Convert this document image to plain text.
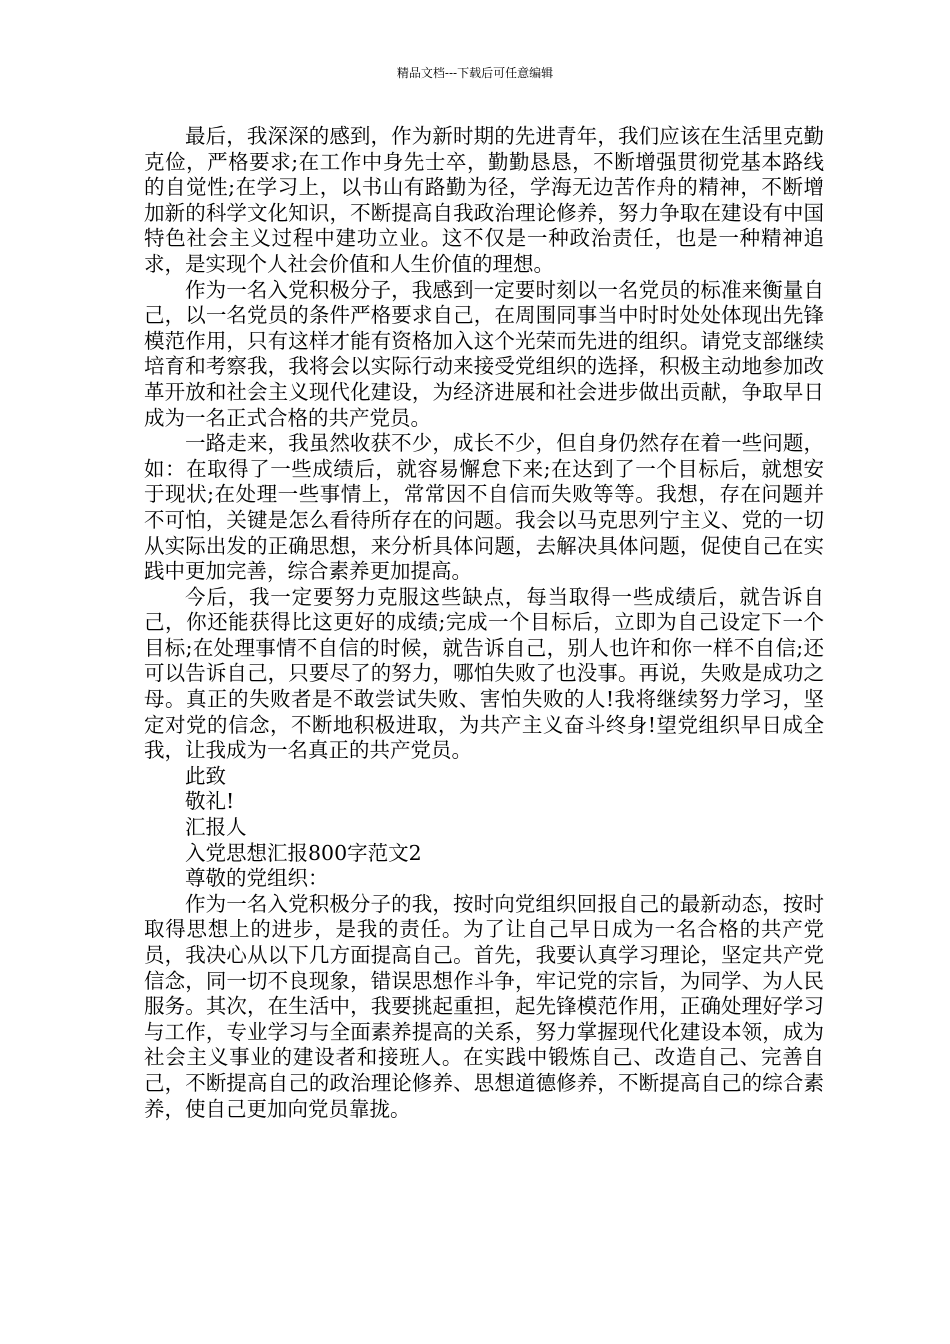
精品文档---下载后可任意编辑

最后，我深深的感到，作为新时期的先进青年，我们应该在生活里克勤克俭，严格要求;在工作中身先士卒，勤勤恳恳，不断增强贯彻党基本路线的自觉性;在学习上，以书山有路勤为径，学海无边苦作舟的精神，不断增加新的科学文化知识，不断提高自我政治理论修养，努力争取在建设有中国特色社会主义过程中建功立业。这不仅是一种政治责任，也是一种精神追求，是实现个人社会价值和人生价值的理想。

作为一名入党积极分子，我感到一定要时刻以一名党员的标准来衡量自己，以一名党员的条件严格要求自己，在周围同事当中时时处处体现出先锋模范作用，只有这样才能有资格加入这个光荣而先进的组织。请党支部继续培育和考察我，我将会以实际行动来接受党组织的选择，积极主动地参加改革开放和社会主义现代化建设，为经济进展和社会进步做出贡献，争取早日成为一名正式合格的共产党员。

一路走来，我虽然收获不少，成长不少，但自身仍然存在着一些问题，如：在取得了一些成绩后，就容易懈怠下来;在达到了一个目标后，就想安于现状;在处理一些事情上，常常因不自信而失败等等。我想，存在问题并不可怕，关键是怎么看待所存在的问题。我会以马克思列宁主义、党的一切从实际出发的正确思想，来分析具体问题，去解决具体问题，促使自己在实践中更加完善，综合素养更加提高。

今后，我一定要努力克服这些缺点，每当取得一些成绩后，就告诉自己，你还能获得比这更好的成绩;完成一个目标后，立即为自己设定下一个目标;在处理事情不自信的时候，就告诉自己，别人也许和你一样不自信;还可以告诉自己，只要尽了的努力，哪怕失败了也没事。再说，失败是成功之母。真正的失败者是不敢尝试失败、害怕失败的人!我将继续努力学习，坚定对党的信念，不断地积极进取，为共产主义奋斗终身!望党组织早日成全我，让我成为一名真正的共产党员。

此致

敬礼!

汇报人

入党思想汇报800字范文2

尊敬的党组织：

作为一名入党积极分子的我，按时向党组织回报自己的最新动态，按时取得思想上的进步，是我的责任。为了让自己早日成为一名合格的共产党员，我决心从以下几方面提高自己。首先，我要认真学习理论，坚定共产党信念，同一切不良现象，错误思想作斗争，牢记党的宗旨，为同学、为人民服务。其次，在生活中，我要挑起重担，起先锋模范作用，正确处理好学习与工作，专业学习与全面素养提高的关系，努力掌握现代化建设本领，成为社会主义事业的建设者和接班人。在实践中锻炼自己、改造自己、完善自己，不断提高自己的政治理论修养、思想道德修养，不断提高自己的综合素养，使自己更加向党员靠拢。
